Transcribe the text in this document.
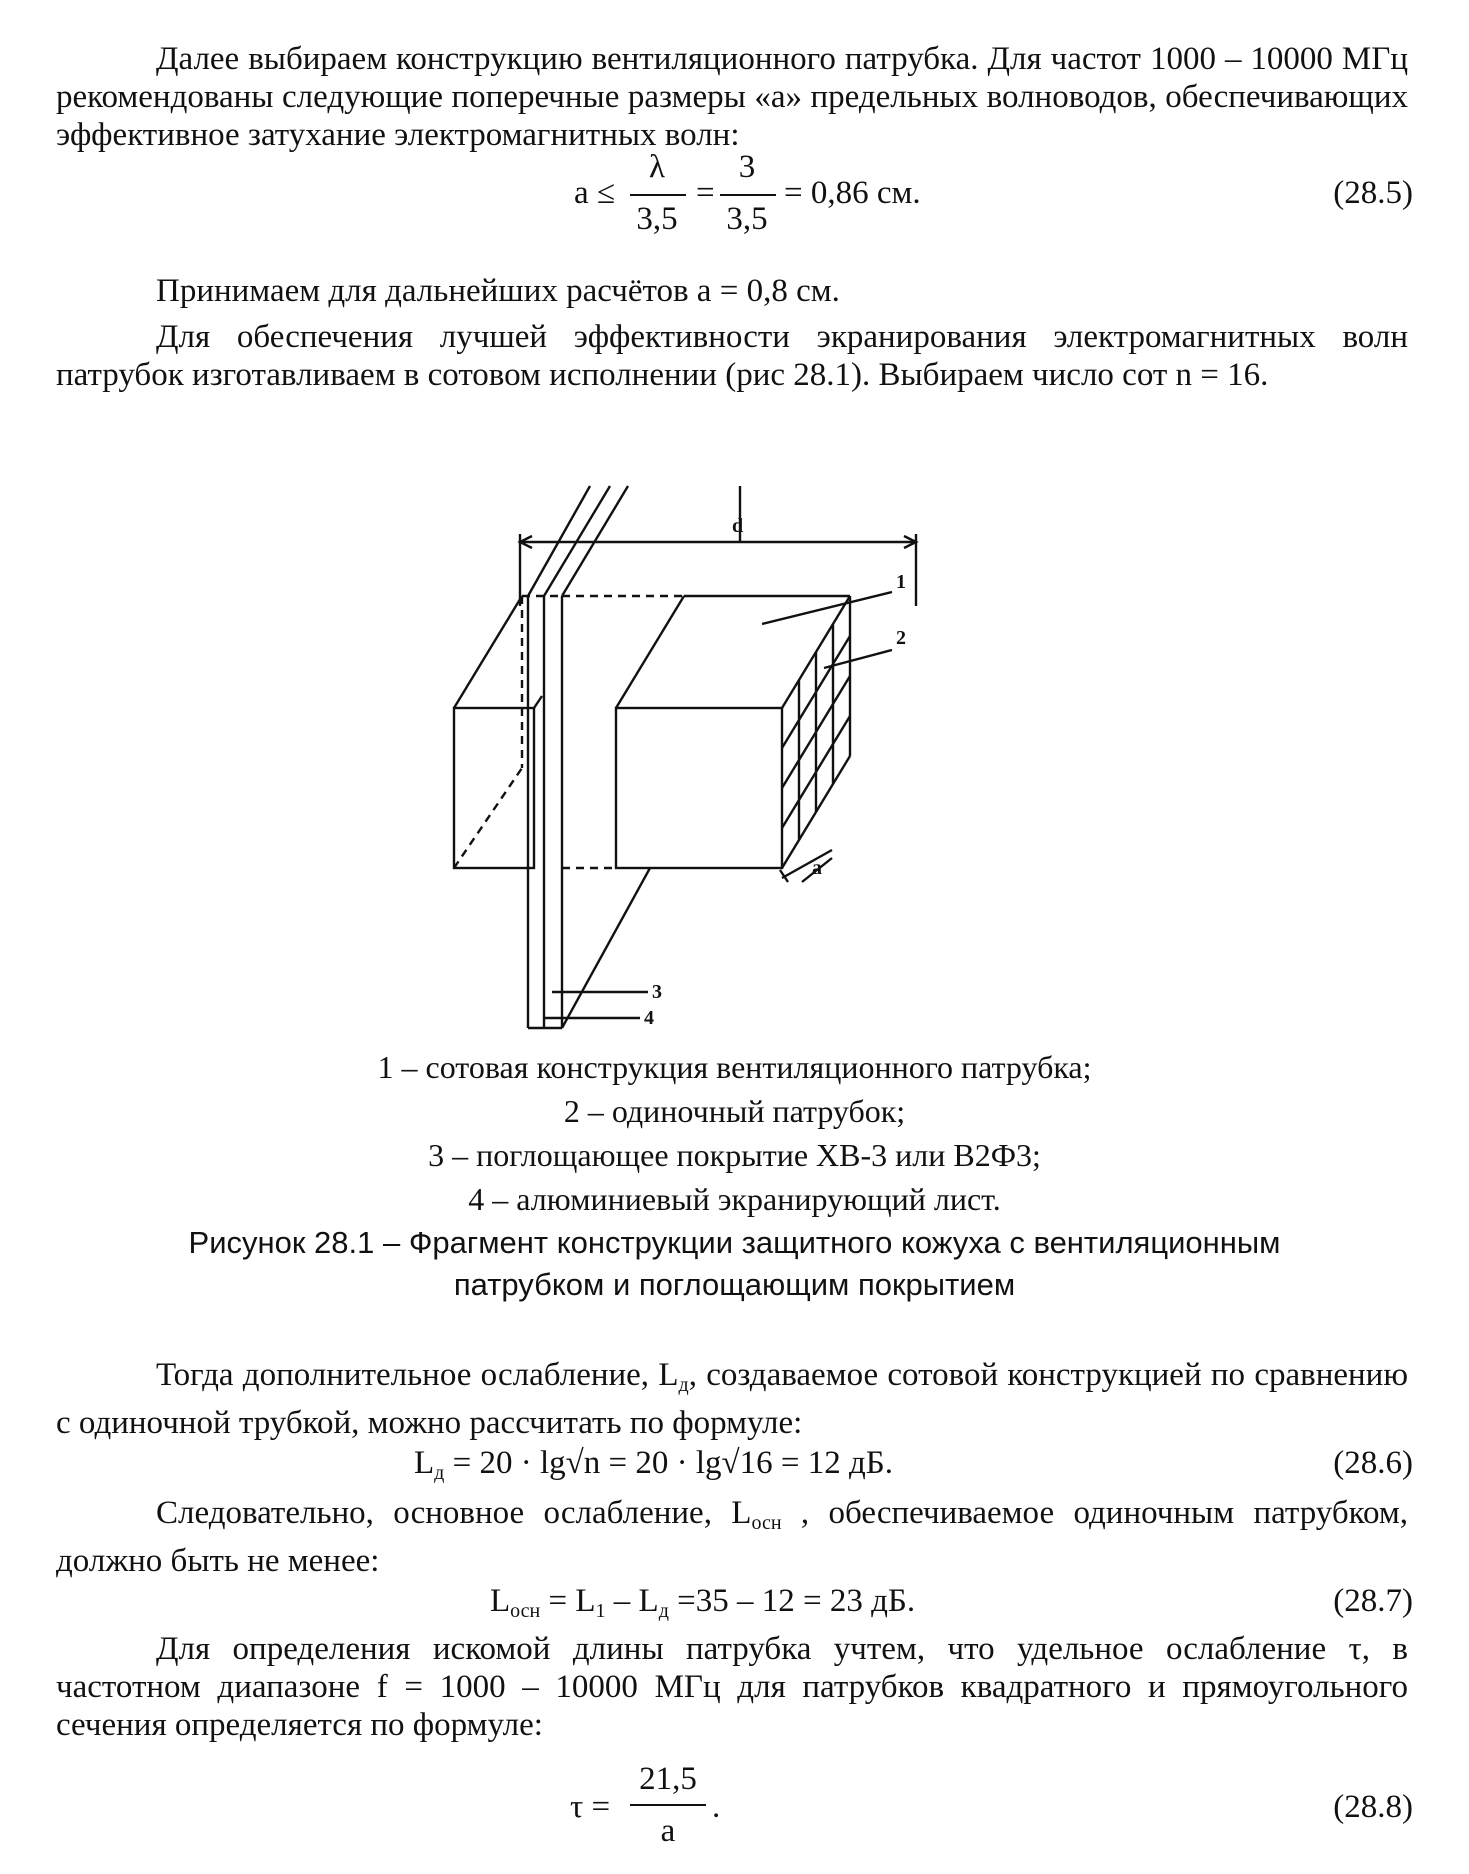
Далее выбираем конструкцию вентиляционного патрубка. Для частот 1000 – 10000 МГц рекомендованы следующие поперечные размеры «а» предельных волноводов, обеспечивающих эффективное затухание электромагнитных волн:

а ≤
λ
3,5
=
3
3,5
= 0,86 см.	(28.5)

Принимаем для дальнейших расчётов а = 0,8 см.

Для обеспечения лучшей эффективности экранирования электромагнитных волн патрубок изготавливаем в сотовом исполнении (рис 28.1). Выбираем число сот n = 16.

d
1
2
a
3
4
1 – сотовая конструкция вентиляционного патрубка;
2 – одиночный патрубок;
3 – поглощающее покрытие ХВ-3 или В2Ф3;
4 – алюминиевый экранирующий лист.
Рисунок 28.1 – Фрагмент конструкции защитного кожуха с вентиляционным
патрубком и поглощающим покрытием

Тогда дополнительное ослабление, $L_д$, создаваемое сотовой конструкцией по сравнению с одиночной трубкой, можно рассчитать по формуле:

$L_д = 20 \cdot \lg√n = 20 \cdot \lg√16 = 12$ дБ.	(28.6)

Следовательно, основное ослабление, $L_{осн}$ , обеспечиваемое одиночным патрубком, должно быть не менее:

$L_{осн} = L_1 - L_д =35 - 12 = 23$ дБ.	(28.7)

Для определения искомой длины патрубка учтем, что удельное ослабление τ, в частотном диапазоне f = 1000 – 10000 МГц для патрубков квадратного и прямоугольного сечения определяется по формуле:

τ =
21,5
а
.	(28.8)
